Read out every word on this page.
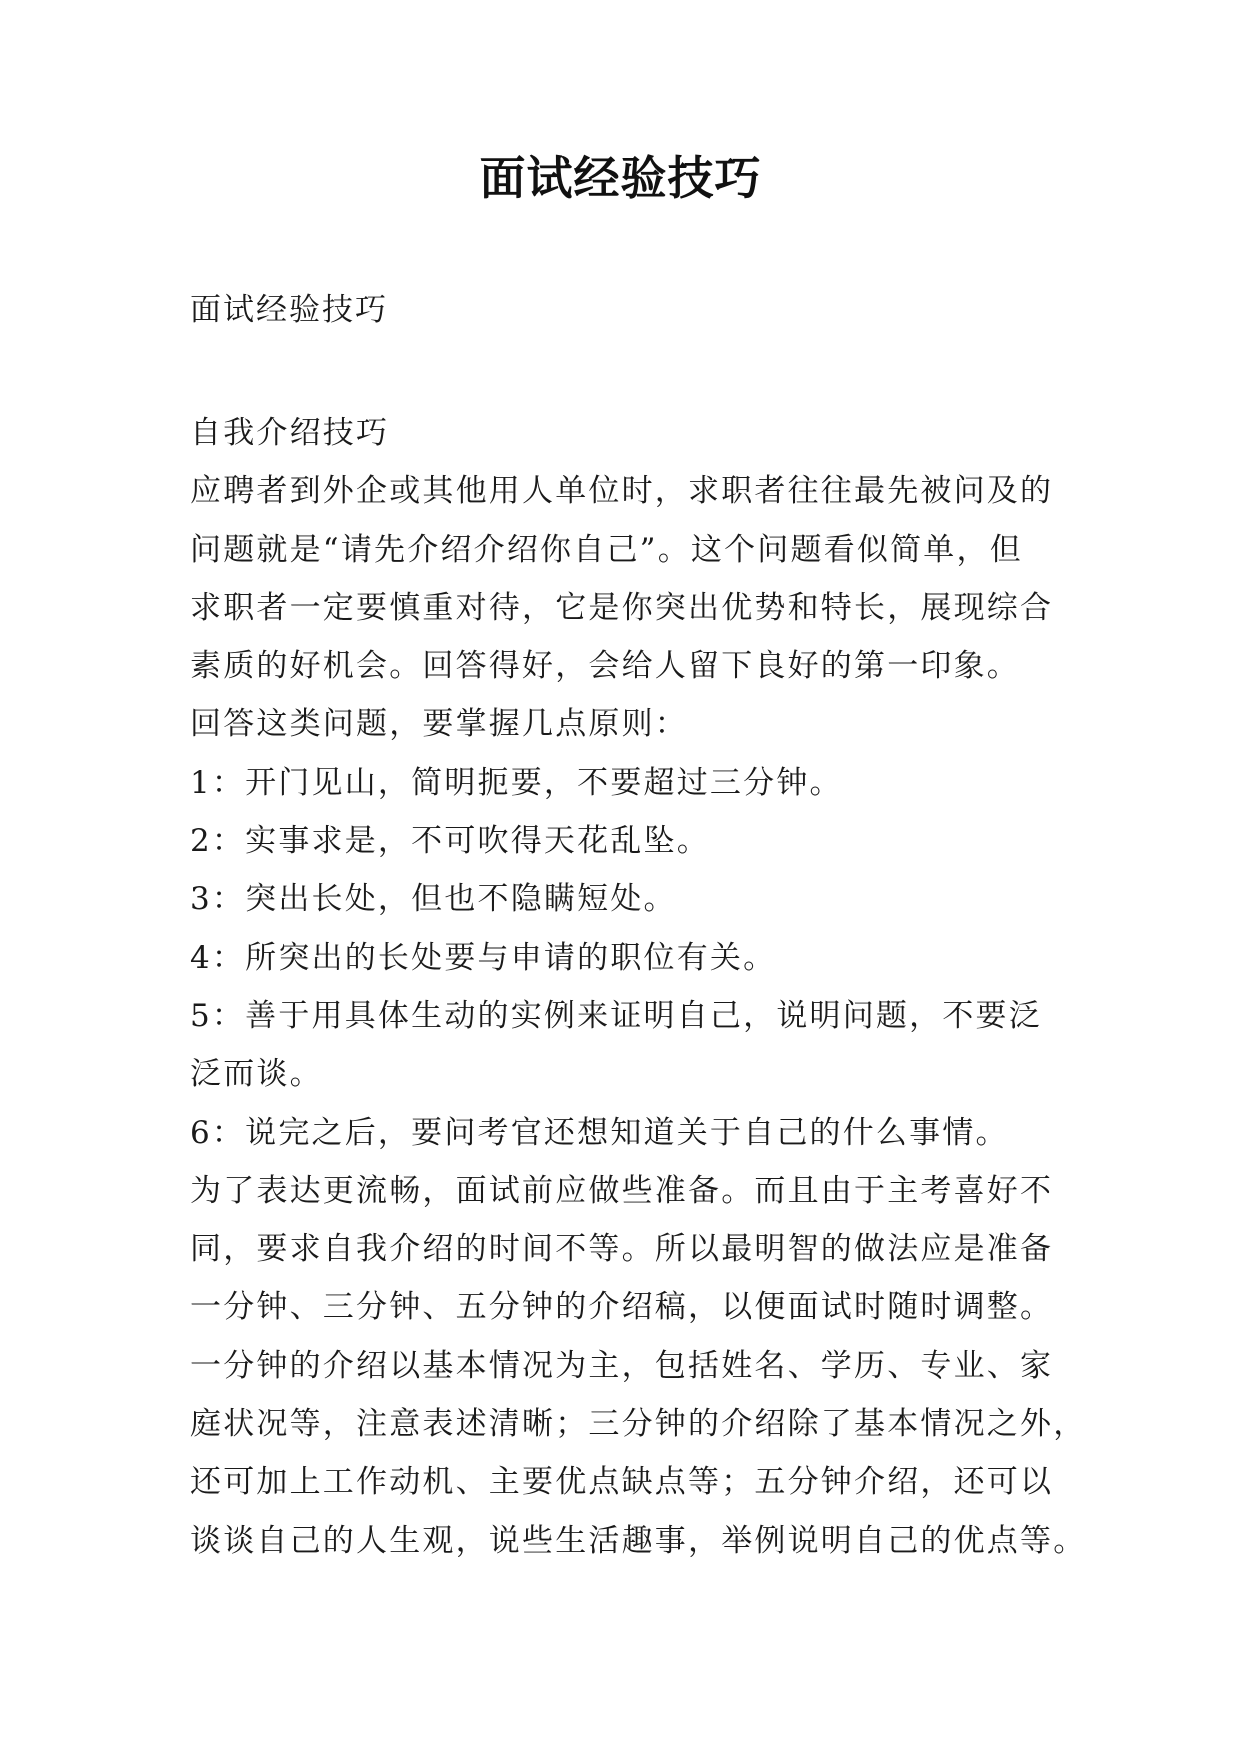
面试经验技巧
面试经验技巧
自我介绍技巧
应聘者到外企或其他用人单位时，求职者往往最先被问及的
问题就是“请先介绍介绍你自己”。这个问题看似简单，但
求职者一定要慎重对待，它是你突出优势和特长，展现综合
素质的好机会。回答得好，会给人留下良好的第一印象。
回答这类问题，要掌握几点原则：
1：开门见山，简明扼要，不要超过三分钟。
2：实事求是，不可吹得天花乱坠。
3：突出长处，但也不隐瞒短处。
4：所突出的长处要与申请的职位有关。
5：善于用具体生动的实例来证明自己，说明问题，不要泛
泛而谈。
6：说完之后，要问考官还想知道关于自己的什么事情。
为了表达更流畅，面试前应做些准备。而且由于主考喜好不
同，要求自我介绍的时间不等。所以最明智的做法应是准备
一分钟、三分钟、五分钟的介绍稿，以便面试时随时调整。
一分钟的介绍以基本情况为主，包括姓名、学历、专业、家
庭状况等，注意表述清晰；三分钟的介绍除了基本情况之外，
还可加上工作动机、主要优点缺点等；五分钟介绍，还可以
谈谈自己的人生观，说些生活趣事，举例说明自己的优点等。
